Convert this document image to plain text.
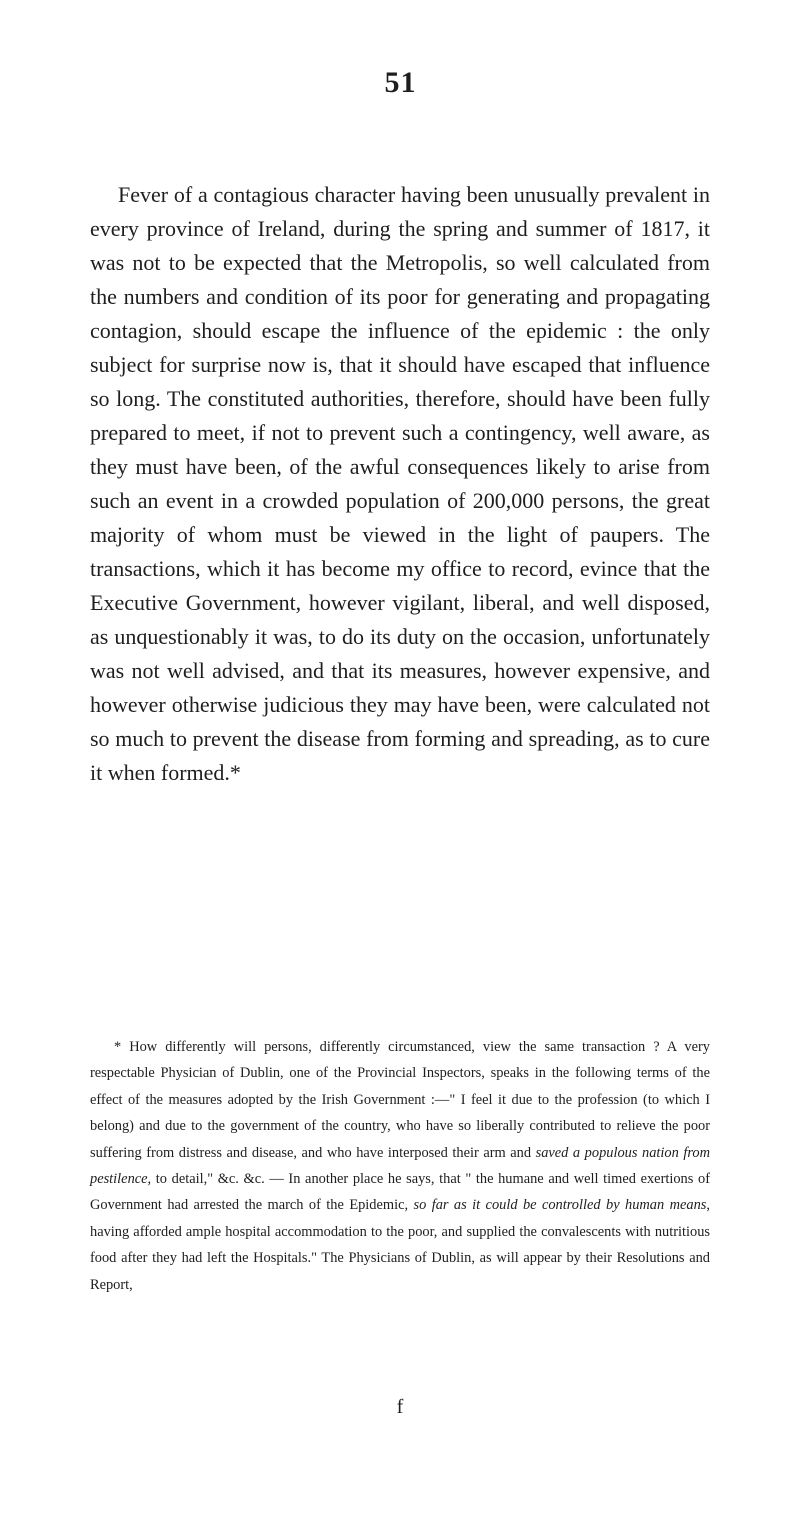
51

Fever of a contagious character having been unusually prevalent in every province of Ireland, during the spring and summer of 1817, it was not to be expected that the Metropolis, so well calculated from the numbers and condition of its poor for generating and propagating contagion, should escape the influence of the epidemic : the only subject for surprise now is, that it should have escaped that influence so long. The constituted authorities, therefore, should have been fully prepared to meet, if not to prevent such a contingency, well aware, as they must have been, of the awful consequences likely to arise from such an event in a crowded population of 200,000 persons, the great majority of whom must be viewed in the light of paupers. The transactions, which it has become my office to record, evince that the Executive Government, however vigilant, liberal, and well disposed, as unquestionably it was, to do its duty on the occasion, unfortunately was not well advised, and that its measures, however expensive, and however otherwise judicious they may have been, were calculated not so much to prevent the disease from forming and spreading, as to cure it when formed.*

* How differently will persons, differently circumstanced, view the same transaction ? A very respectable Physician of Dublin, one of the Provincial Inspectors, speaks in the following terms of the effect of the measures adopted by the Irish Government :—" I feel it due to the profession (to which I belong) and due to the government of the country, who have so liberally contributed to relieve the poor suffering from distress and disease, and who have interposed their arm and saved a populous nation from pestilence, to detail," &c. &c. — In another place he says, that " the humane and well timed exertions of Government had arrested the march of the Epidemic, so far as it could be controlled by human means, having afforded ample hospital accommodation to the poor, and supplied the convalescents with nutritious food after they had left the Hospitals." The Physicians of Dublin, as will appear by their Resolutions and Report,

f
